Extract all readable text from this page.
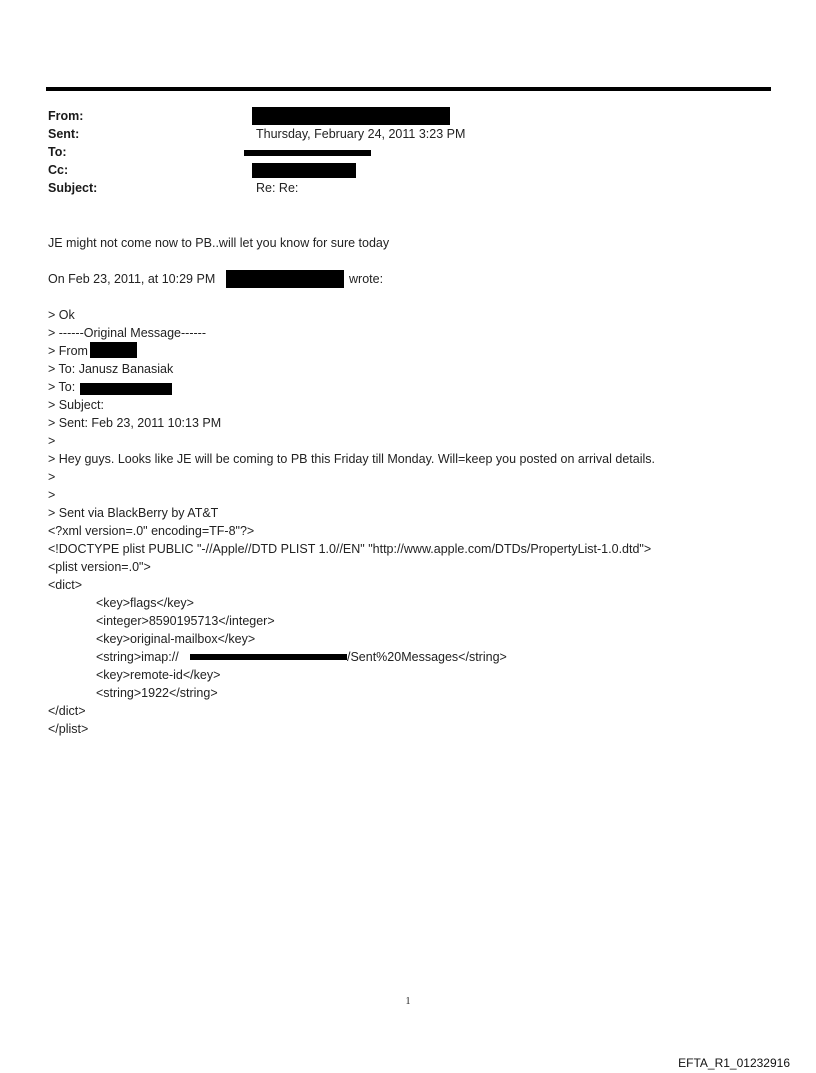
From:
Sent:	Thursday, February 24, 2011 3:23 PM
To:
Cc:
Subject:	Re: Re:
JE might not come now to PB..will let you know for sure today
On Feb 23, 2011, at 10:29 PM	wrote:
> Ok
> ------Original Message------
> From
> To: Janusz Banasiak
> To:
> Subject:
> Sent: Feb 23, 2011 10:13 PM
>
> Hey guys. Looks like JE will be coming to PB this Friday till Monday. Will=keep you posted on arrival details.
>
>
> Sent via BlackBerry by AT&T
<?xml version=.0" encoding=TF-8"?>
<!DOCTYPE plist PUBLIC "-//Apple//DTD PLIST 1.0//EN" "http://www.apple.com/DTDs/PropertyList-1.0.dtd">
<plist version=.0">
<dict>
<key>flags</key>
<integer>8590195713</integer>
<key>original-mailbox</key>
<string>imap://	/Sent%20Messages</string>
<key>remote-id</key>
<string>1922</string>
</dict>
</plist>
1
EFTA_R1_01232916
